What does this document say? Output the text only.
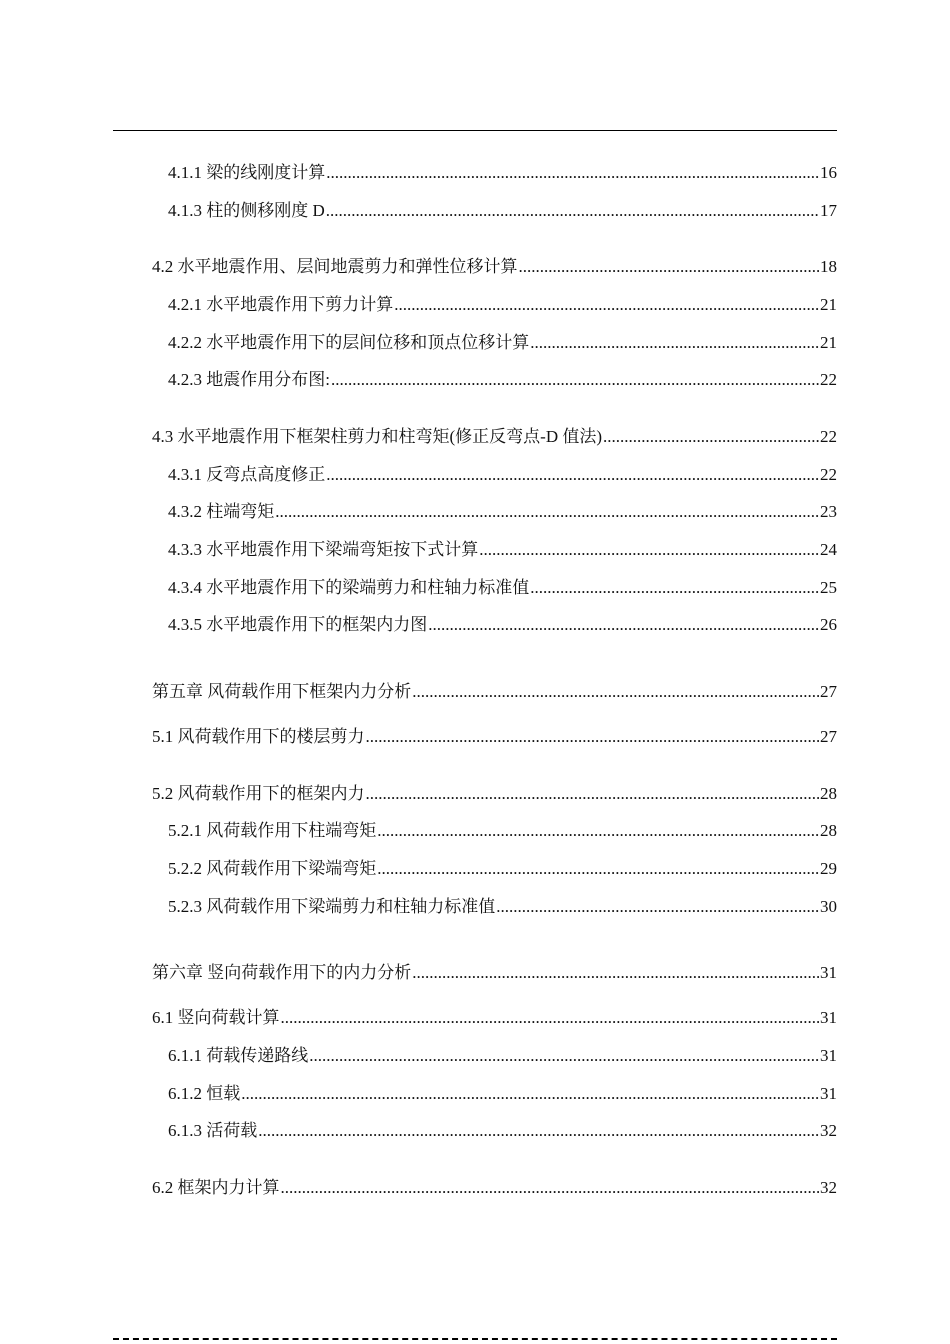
4.1.1 梁的线刚度计算 .....	16
4.1.3 柱的侧移刚度 D .....	17
4.2 水平地震作用、层间地震剪力和弹性位移计算 .....	18
4.2.1 水平地震作用下剪力计算 .....	21
4.2.2 水平地震作用下的层间位移和顶点位移计算 .....	21
4.2.3 地震作用分布图: .....	22
4.3 水平地震作用下框架柱剪力和柱弯矩(修正反弯点-D 值法) .....	22
4.3.1 反弯点高度修正 .....	22
4.3.2 柱端弯矩 .....	23
4.3.3 水平地震作用下梁端弯矩按下式计算 .....	24
4.3.4 水平地震作用下的梁端剪力和柱轴力标准值 .....	25
4.3.5 水平地震作用下的框架内力图 .....	26
第五章 风荷载作用下框架内力分析 .....	27
5.1 风荷载作用下的楼层剪力 .....	27
5.2 风荷载作用下的框架内力 .....	28
5.2.1 风荷载作用下柱端弯矩 .....	28
5.2.2 风荷载作用下梁端弯矩 .....	29
5.2.3 风荷载作用下梁端剪力和柱轴力标准值 .....	30
第六章 竖向荷载作用下的内力分析 .....	31
6.1 竖向荷载计算 .....	31
6.1.1 荷载传递路线 .....	31
6.1.2 恒载 .....	31
6.1.3 活荷载 .....	32
6.2 框架内力计算 .....	32
